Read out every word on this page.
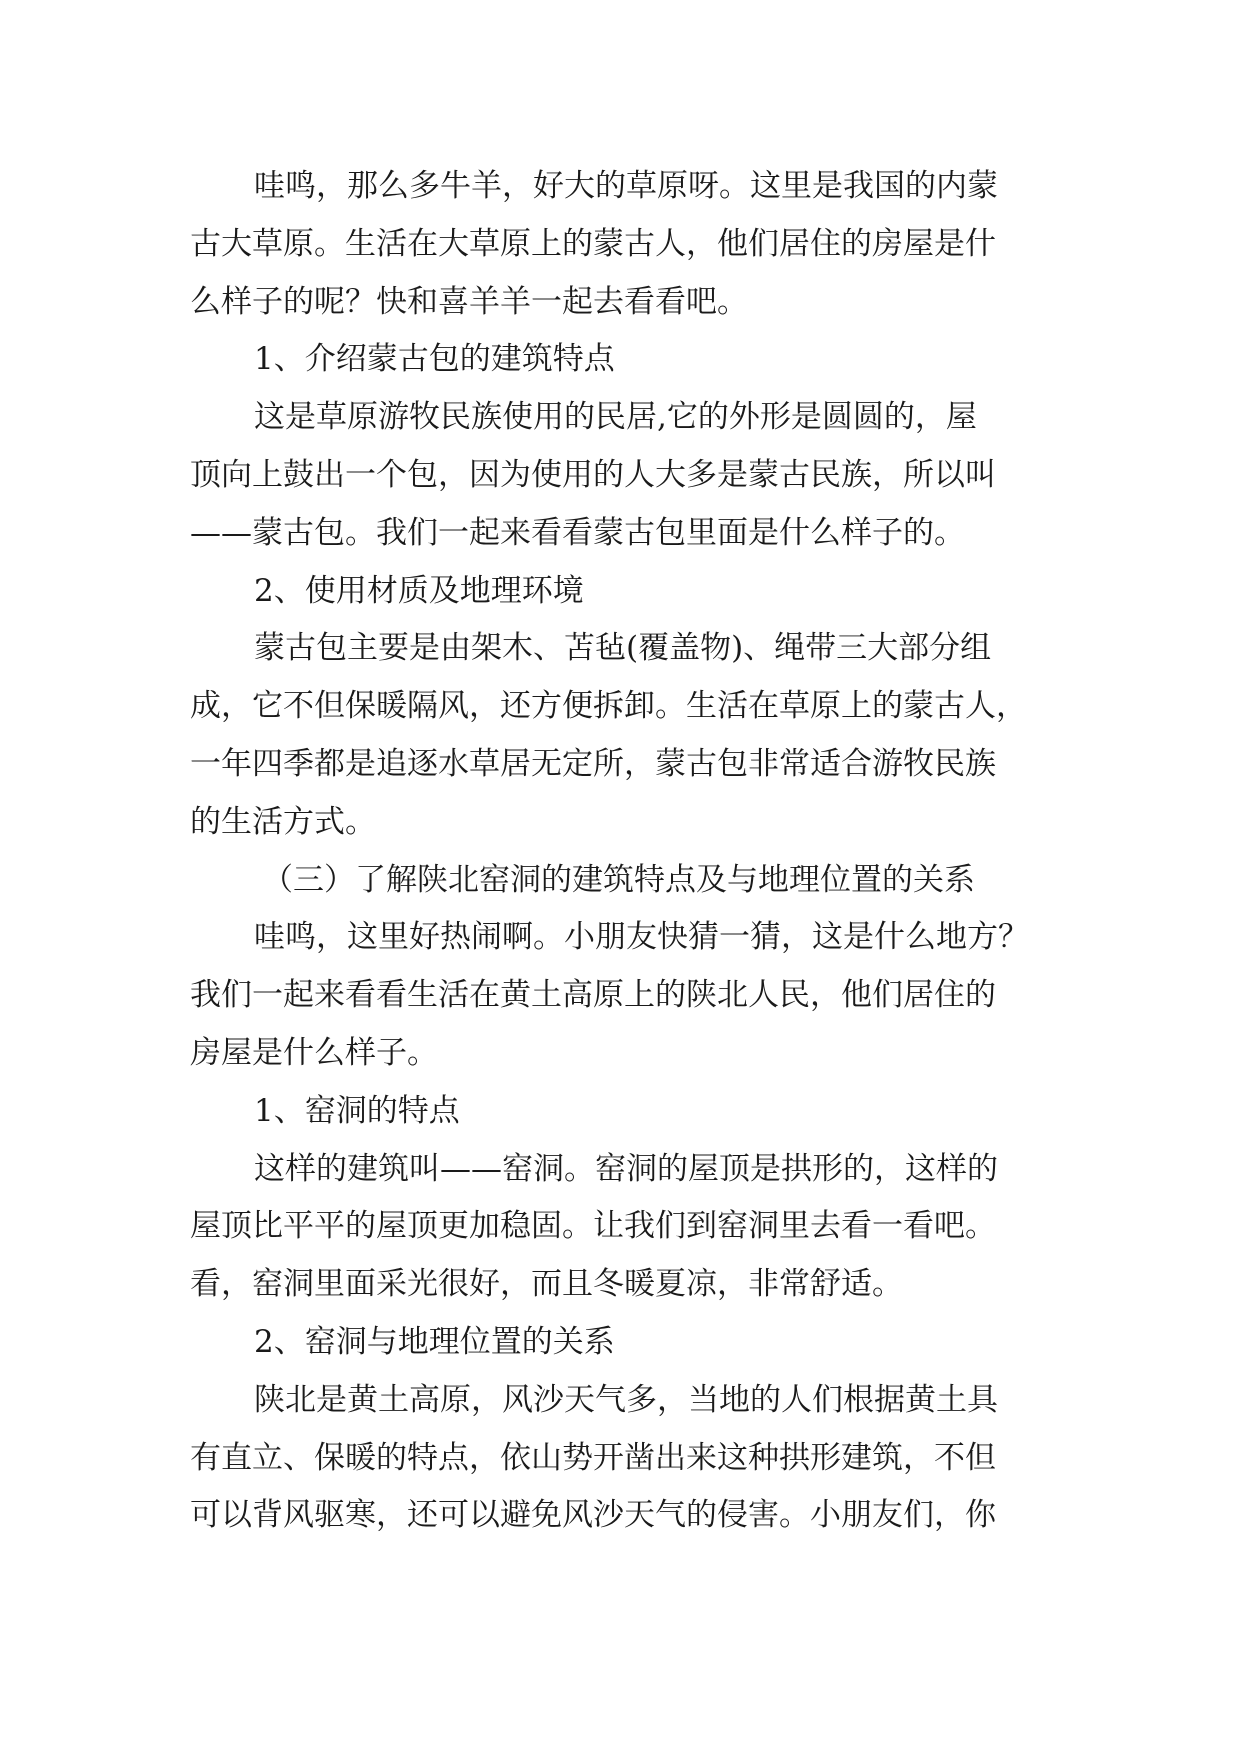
哇鸣，那么多牛羊，好大的草原呀。这里是我国的内蒙
古大草原。生活在大草原上的蒙古人，他们居住的房屋是什
么样子的呢？快和喜羊羊一起去看看吧。
1、介绍蒙古包的建筑特点
这是草原游牧民族使用的民居,它的外形是圆圆的，屋
顶向上鼓出一个包，因为使用的人大多是蒙古民族，所以叫
——蒙古包。我们一起来看看蒙古包里面是什么样子的。
2、使用材质及地理环境
蒙古包主要是由架木、苫毡(覆盖物)、绳带三大部分组
成，它不但保暖隔风，还方便拆卸。生活在草原上的蒙古人，
一年四季都是追逐水草居无定所，蒙古包非常适合游牧民族
的生活方式。
（三）了解陕北窑洞的建筑特点及与地理位置的关系
哇鸣，这里好热闹啊。小朋友快猜一猜，这是什么地方？
我们一起来看看生活在黄土高原上的陕北人民，他们居住的
房屋是什么样子。
1、窑洞的特点
这样的建筑叫——窑洞。窑洞的屋顶是拱形的，这样的
屋顶比平平的屋顶更加稳固。让我们到窑洞里去看一看吧。
看，窑洞里面采光很好，而且冬暖夏凉，非常舒适。
2、窑洞与地理位置的关系
陕北是黄土高原，风沙天气多，当地的人们根据黄土具
有直立、保暖的特点，依山势开凿出来这种拱形建筑，不但
可以背风驱寒，还可以避免风沙天气的侵害。小朋友们，你
